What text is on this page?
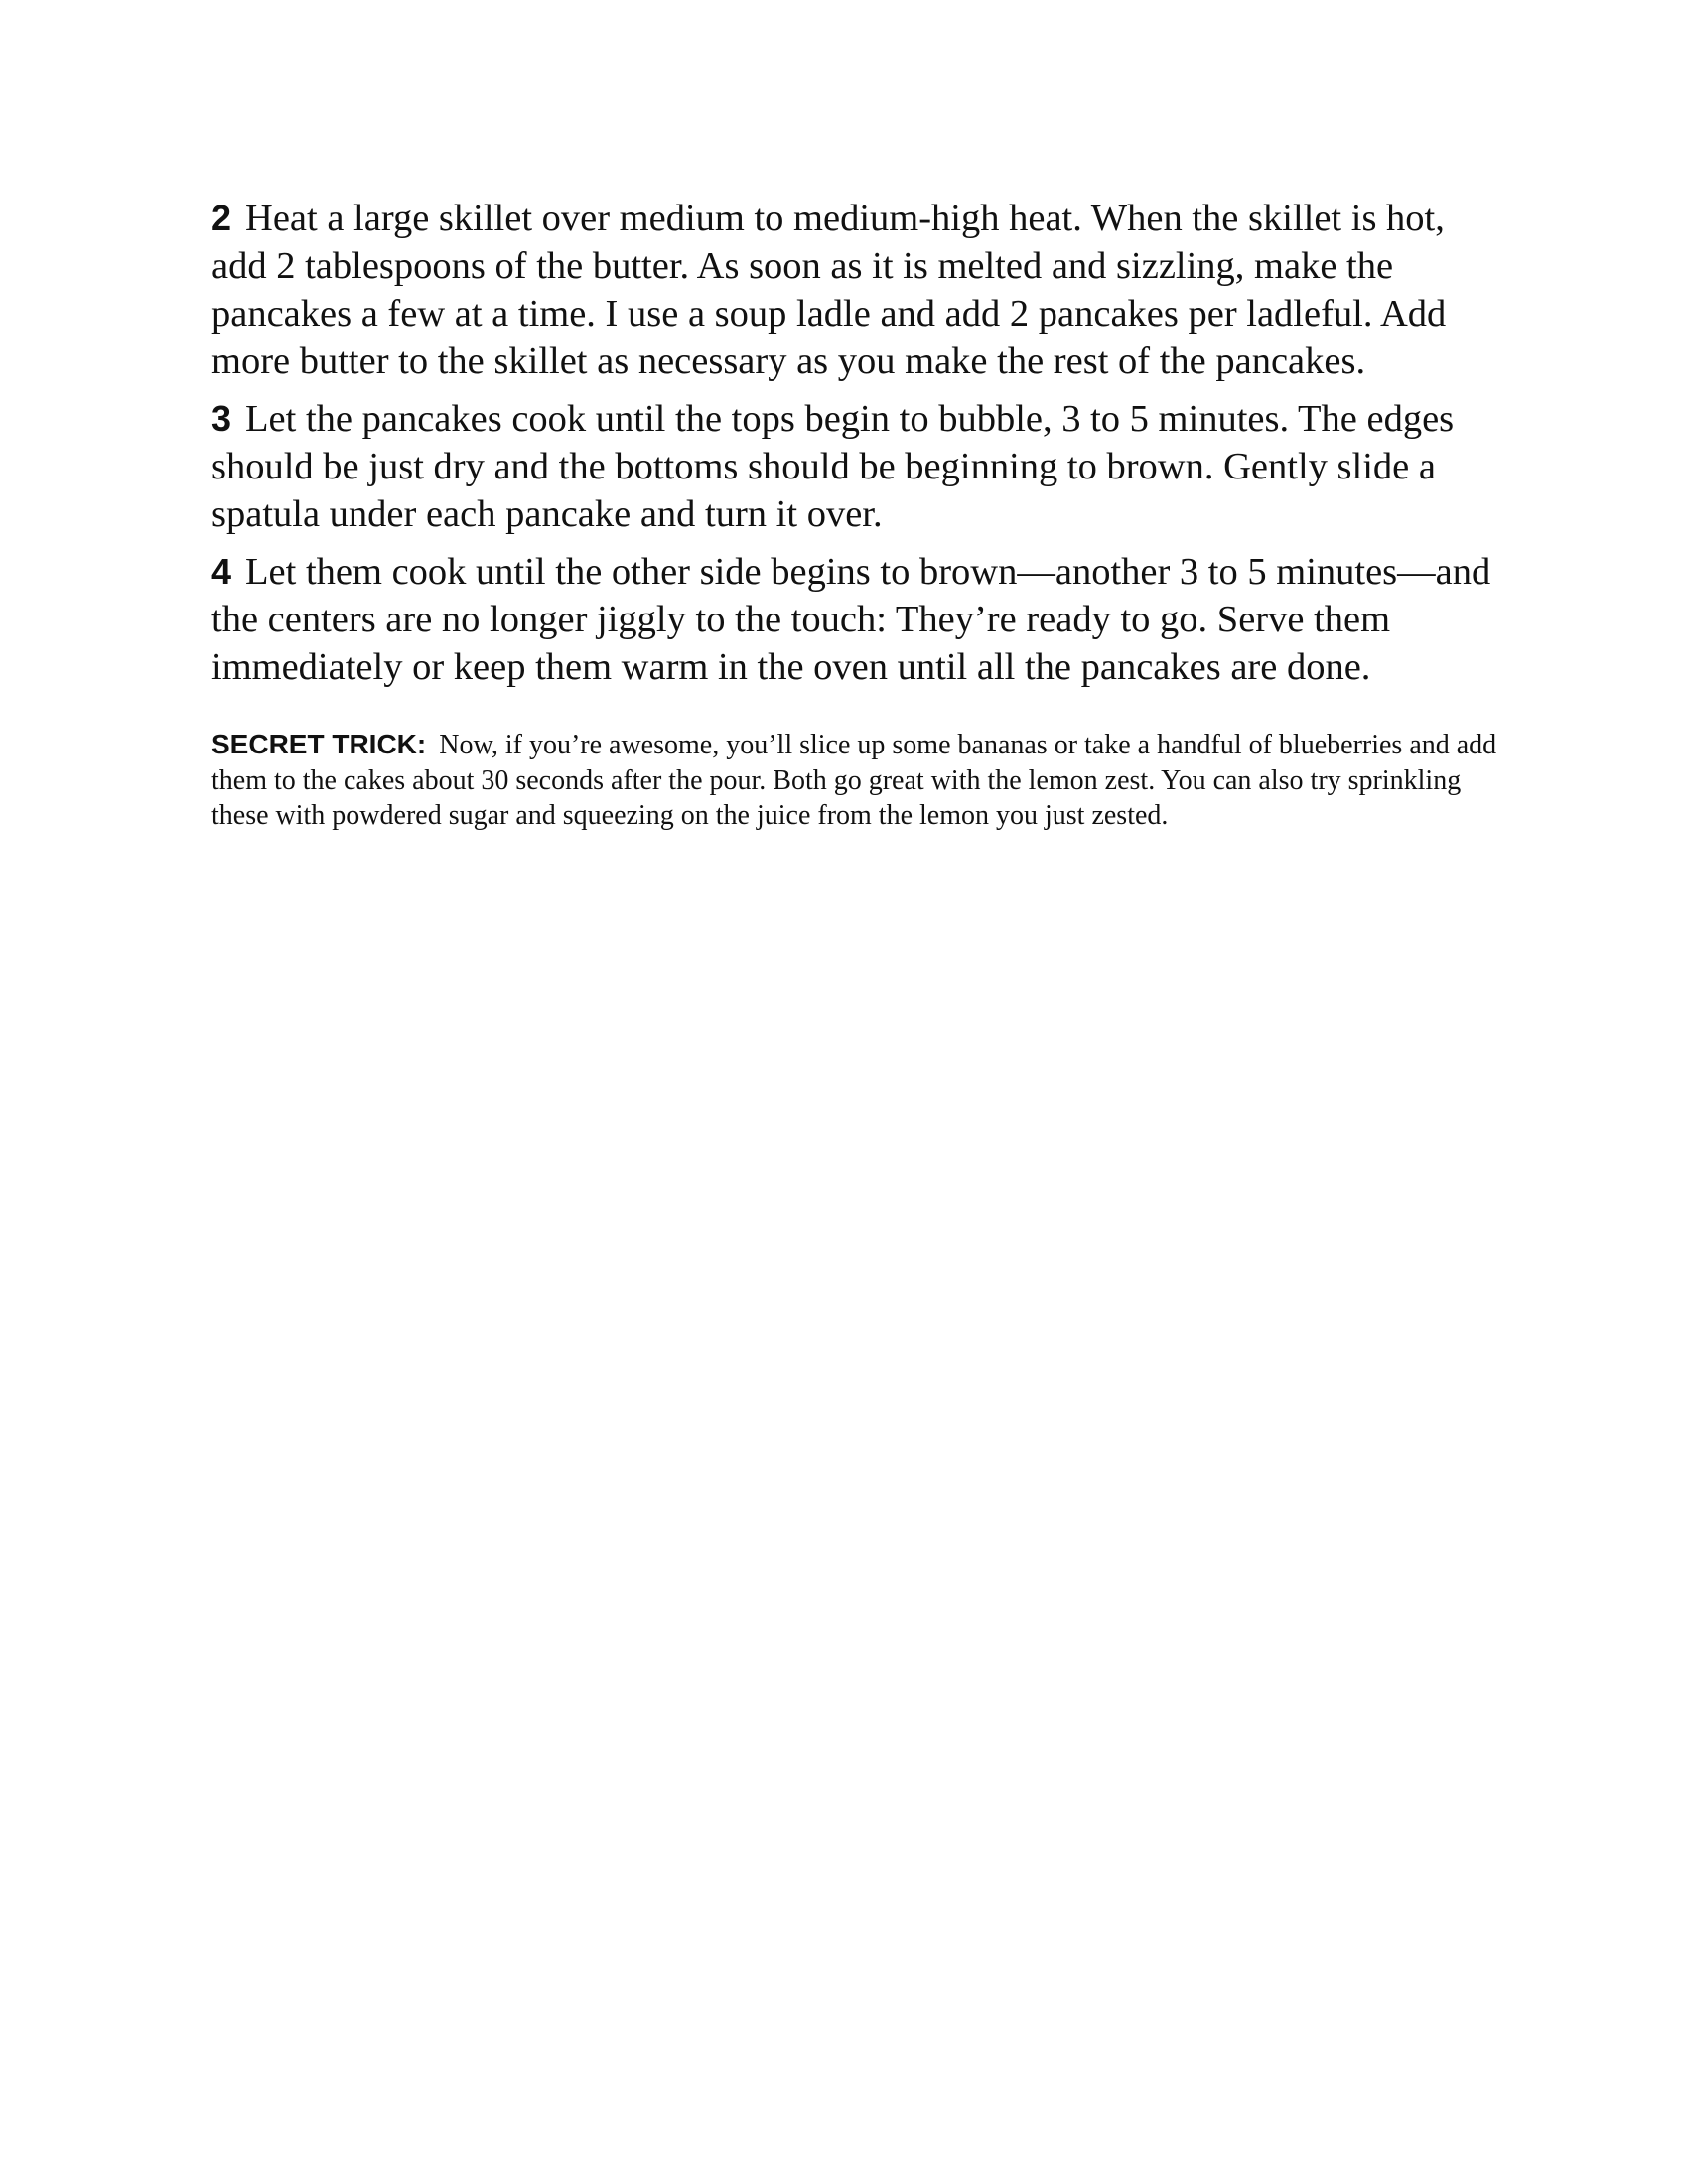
2 Heat a large skillet over medium to medium-high heat. When the skillet is hot, add 2 tablespoons of the butter. As soon as it is melted and sizzling, make the pancakes a few at a time. I use a soup ladle and add 2 pancakes per ladleful. Add more butter to the skillet as necessary as you make the rest of the pancakes.

3 Let the pancakes cook until the tops begin to bubble, 3 to 5 minutes. The edges should be just dry and the bottoms should be beginning to brown. Gently slide a spatula under each pancake and turn it over.

4 Let them cook until the other side begins to brown—another 3 to 5 minutes—and the centers are no longer jiggly to the touch: They’re ready to go. Serve them immediately or keep them warm in the oven until all the pancakes are done.

SECRET TRICK: Now, if you’re awesome, you’ll slice up some bananas or take a handful of blueberries and add them to the cakes about 30 seconds after the pour. Both go great with the lemon zest. You can also try sprinkling these with powdered sugar and squeezing on the juice from the lemon you just zested.
